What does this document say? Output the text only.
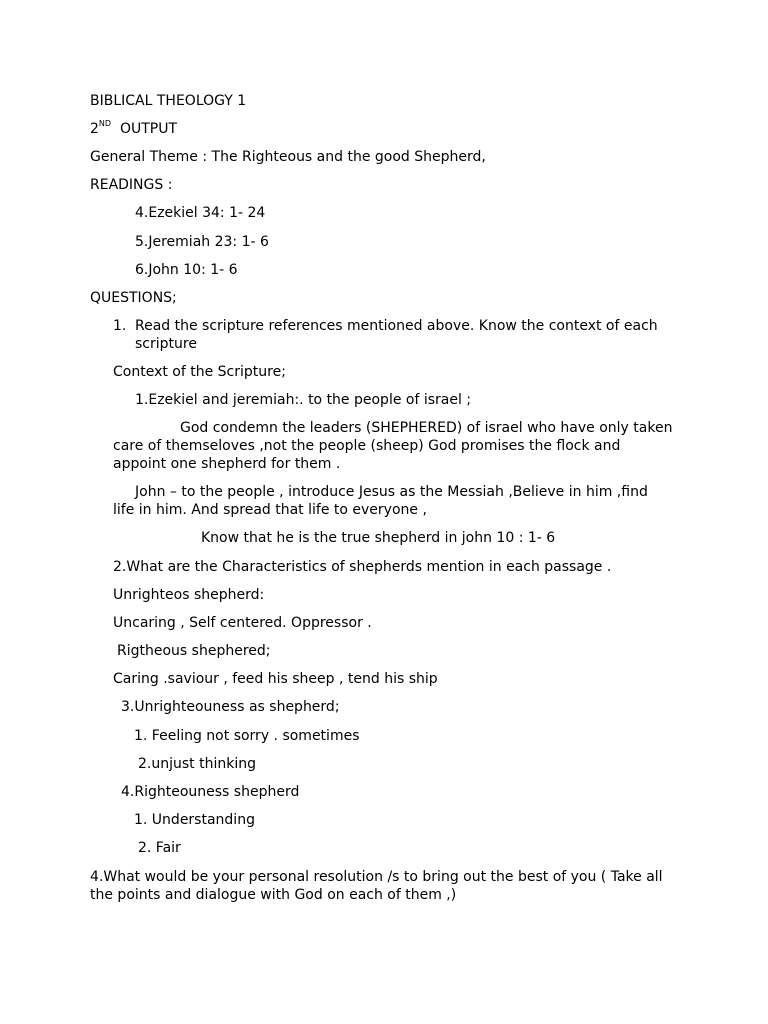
BIBLICAL THEOLOGY 1

2ND OUTPUT

General Theme : The Righteous and the good Shepherd,

READINGS :

4.Ezekiel 34: 1- 24

5.Jeremiah 23: 1- 6

6.John 10: 1- 6

QUESTIONS;

1. Read the scripture references mentioned above. Know the context of each

scripture

Context of the Scripture;

1.Ezekiel and jeremiah:. to the people of israel ;

God condemn the leaders (SHEPHERED) of israel who have only taken care of themseloves ,not the people (sheep) God promises the flock and appoint one shepherd for them .

John – to the people , introduce Jesus as the Messiah ,Believe in him ,find life in him. And spread that life to everyone ,

Know that he is the true shepherd in john 10 : 1- 6

2.What are the Characteristics of shepherds mention in each passage .

Unrighteos shepherd:

Uncaring , Self centered. Oppressor .

Rigtheous shephered;

Caring .saviour , feed his sheep , tend his ship

3.Unrighteouness as shepherd;

1. Feeling not sorry . sometimes

2.unjust thinking

4.Righteouness shepherd

1. Understanding

2. Fair

4.What would be your personal resolution /s to bring out the best of you ( Take all the points and dialogue with God on each of them ,)
